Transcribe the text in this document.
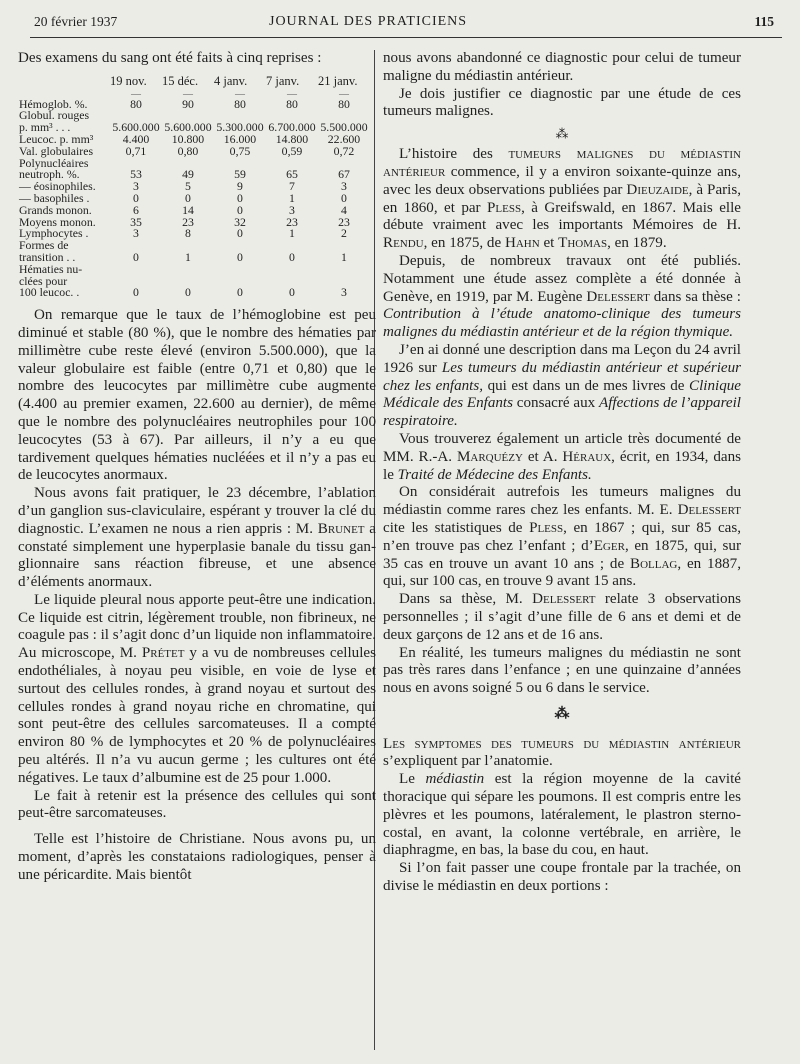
20 février 1937	JOURNAL DES PRATICIENS	115

Des examens du sang ont été faits à cinq reprises :

	19 nov.	15 déc.	4 janv.	7 janv.	21 janv.
	—	—	—	—	—
Hémoglob. %.	80	90	80	80	80
Globul. rouges					
p. mm³ . . .	5.600.000	5.600.000	5.300.000	6.700.000	5.500.000
Leucoc. p. mm³	4.400	10.800	16.000	14.800	22.600
Val. globulaires	0,71	0,80	0,75	0,59	0,72
Polynucléaires					
neutroph. %.	53	49	59	65	67
— éosinophiles.	3	5	9	7	3
— basophiles .	0	0	0	1	0
Grands monon.	6	14	0	3	4
Moyens monon.	35	23	32	23	23
Lymphocytes .	3	8	0	1	2
Formes de					
transition . .	0	1	0	0	1
Hématies nu-					
clées pour					
100 leucoc. .	0	0	0	0	3

On remarque que le taux de l’hémoglobine est peu diminué et stable (80 %), que le nombre des hématies par millimètre cube reste élevé (environ 5.500.000), que la valeur globulaire est faible (entre 0,71 et 0,80) que le nombre des leucocytes par millimètre cube augmente (4.400 au premier examen, 22.600 au dernier), de même que le nombre des polynucléaires neutrophiles pour 100 leucocytes (53 à 67). Par ailleurs, il n’y a eu que tardivement quelques hématies nucléées et il n’y a pas eu de leucocytes anormaux.

Nous avons fait pratiquer, le 23 décembre, l’ablation d’un ganglion sus-claviculaire, espérant y trouver la clé du diagnostic. L’examen ne nous a rien appris : M. Brunet a constaté simplement une hyperplasie banale du tissu ganglionnaire sans réaction fibreuse, et une absence d’éléments anormaux.

Le liquide pleural nous apporte peut-être une indication. Ce liquide est citrin, légèrement trouble, non fibrineux, ne coagule pas : il s’agit donc d’un liquide non inflammatoire. Au microscope, M. Prétet y a vu de nombreuses cellules endothéliales, à noyau peu visible, en voie de lyse et surtout des cellules rondes, à grand noyau et surtout des cellules rondes à grand noyau riche en chromatine, qui sont peut-être des cellules sarcomateuses. Il a compté environ 80 % de lymphocytes et 20 % de polynucléaires peu altérés. Il n’a vu aucun germe ; les cultures ont été négatives. Le taux d’albumine est de 25 pour 1.000.

Le fait à retenir est la présence des cellules qui sont peut-être sarcomateuses.

Telle est l’histoire de Christiane. Nous avons pu, un moment, d’après les constataions radiologiques, penser à une péricardite. Mais bientôt

nous avons abandonné ce diagnostic pour celui de tumeur maligne du médiastin antérieur.

Je dois justifier ce diagnostic par une étude de ces tumeurs malignes.

⁂

L’histoire des tumeurs malignes du médiastin antérieur commence, il y a environ soixante-quinze ans, avec les deux observations publiées par Dieuzaide, à Paris, en 1860, et par Pless, à Greifswald, en 1867. Mais elle débute vraiment avec les importants Mémoires de H. Rendu, en 1875, de Hahn et Thomas, en 1879.

Depuis, de nombreux travaux ont été publiés. Notamment une étude assez complète a été donnée à Genève, en 1919, par M. Eugène Delessert dans sa thèse : Contribution à l’étude anatomo-clinique des tumeurs malignes du médiastin antérieur et de la région thymique.

J’en ai donné une description dans ma Leçon du 24 avril 1926 sur Les tumeurs du médiastin antérieur et supérieur chez les enfants, qui est dans un de mes livres de Clinique Médicale des Enfants consacré aux Affections de l’appareil respiratoire.

Vous trouverez également un article très documenté de MM. R.-A. Marquézy et A. Héraux, écrit, en 1934, dans le Traité de Médecine des Enfants.

On considérait autrefois les tumeurs malignes du médiastin comme rares chez les enfants. M. E. Delessert cite les statistiques de Pless, en 1867 ; qui, sur 85 cas, n’en trouve pas chez l’enfant ; d’Eger, en 1875, qui, sur 35 cas en trouve un avant 10 ans ; de Bollag, en 1887, qui, sur 100 cas, en trouve 9 avant 15 ans.

Dans sa thèse, M. Delessert relate 3 observations personnelles ; il s’agit d’une fille de 6 ans et demi et de deux garçons de 12 ans et de 16 ans.

En réalité, les tumeurs malignes du médiastin ne sont pas très rares dans l’enfance ; en une quinzaine d’années nous en avons soigné 5 ou 6 dans le service.

⁂

Les symptomes des tumeurs du médiastin antérieur s’expliquent par l’anatomie.

Le médiastin est la région moyenne de la cavité thoracique qui sépare les poumons. Il est compris entre les plèvres et les poumons, latéralement, le plastron sterno-costal, en avant, la colonne vertébrale, en arrière, le diaphragme, en bas, la base du cou, en haut.

Si l’on fait passer une coupe frontale par la trachée, on divise le médiastin en deux portions :
